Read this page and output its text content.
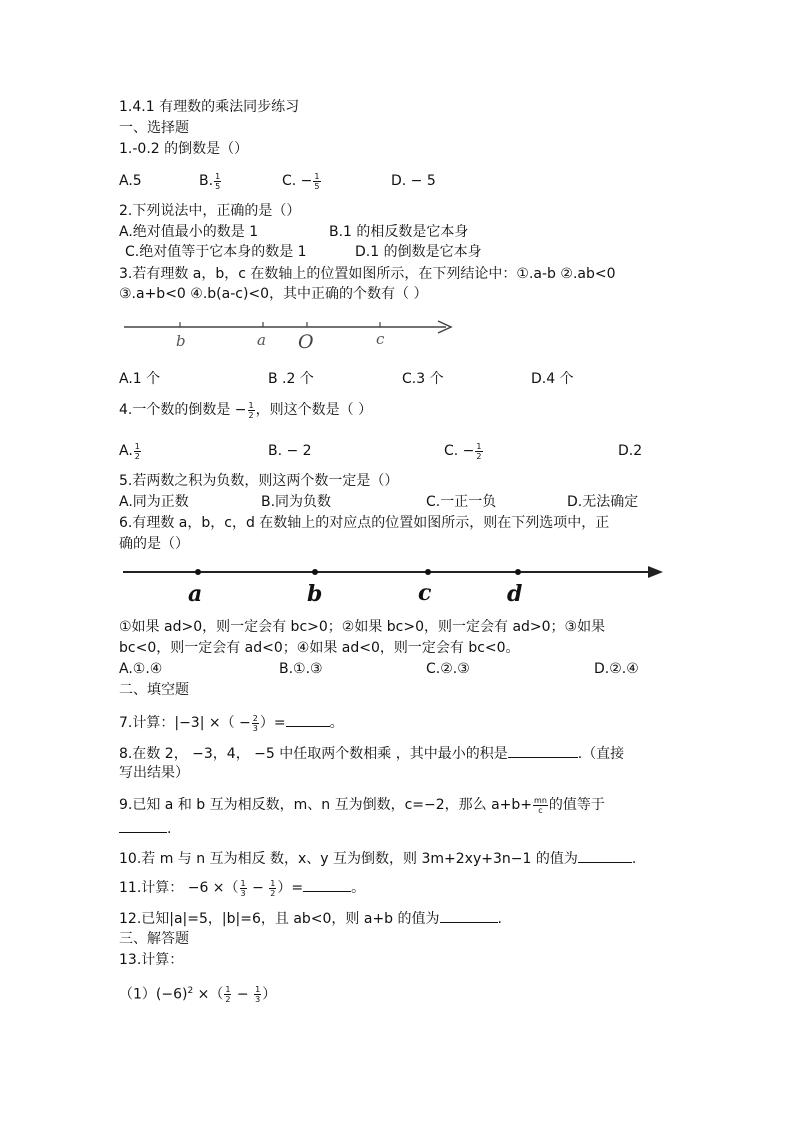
1.4.1 有理数的乘法同步练习
一、选择题
1.-0.2 的倒数是（）
A.5	B. $\frac{1}{5}$	C. − $\frac{1}{5}$	D. − 5
2.下列说法中，正确的是（）
A.绝对值最小的数是 1	B.1 的相反数是它本身
C.绝对值等于它本身的数是 1	D.1 的倒数是它本身
3.若有理数 a，b，c 在数轴上的位置如图所示，在下列结论中：①.a-b ②.ab<0
③.a+b<0 ④.b(a-c)<0，其中正确的个数有（ ）
b	a O	c
A.1 个	B .2 个	C.3 个	D.4 个
4.一个数的倒数是 − $\frac{1}{2}$ ，则这个数是（ ）
A. $\frac{1}{2}$	B. − 2	C. − $\frac{1}{2}$	D.2
5.若两数之积为负数，则这两个数一定是（）
A.同为正数	B.同为负数	C.一正一负	D.无法确定
6.有理数 a，b，c，d 在数轴上的对应点的位置如图所示，则在下列选项中，正
确的是（）
a	b	c	d
①如果 ad>0，则一定会有 bc>0；②如果 bc>0，则一定会有 ad>0；③如果
bc<0，则一定会有 ad<0；④如果 ad<0，则一定会有 bc<0。
A.①.④	B.①.③	C.②.③	D.②.④
二、填空题
7.计算：|−3| ×（ − $\frac{2}{3}$ ）=	。
8.在数 2， −3，4， −5 中任取两个数相乘 ，其中最小的积是	.（直接
写出结果）
9.已知 a 和 b 互为相反数，m、n 互为倒数，c=−2，那么 $a+b+ \frac{mn}{c}$ 的值等于
.
10.若 m 与 n 互为相反 数，x、y 互为倒数，则 3m+2xy+3n−1 的值为	.
11.计算： −6 ×（ $\frac{1}{3} - \frac{1}{2}$ ）=	。
12.已知|a|=5，|b|=6，且 ab<0，则 a+b 的值为	.
三、解答题
13.计算：
$(1)(-6)^2$ ×（ $\frac{1}{2} - \frac{1}{3}$ ）
